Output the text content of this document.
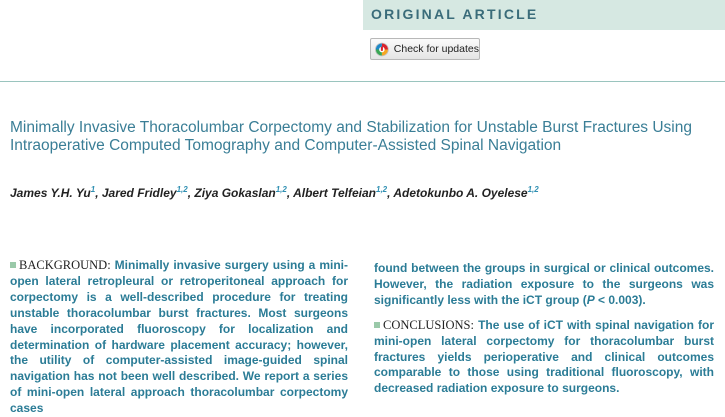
ORIGINAL ARTICLE
Check for updates
Minimally Invasive Thoracolumbar Corpectomy and Stabilization for Unstable Burst Fractures Using Intraoperative Computed Tomography and Computer-Assisted Spinal Navigation
James Y.H. Yu$^1$, Jared Fridley$^{1,2}$, Ziya Gokaslan$^{1,2}$, Albert Telfeian$^{1,2}$, Adetokunbo A. Oyelese$^{1,2}$

BACKGROUND: Minimally invasive surgery using a mini-open lateral retropleural or retroperitoneal approach for corpectomy is a well-described procedure for treating unstable thoracolumbar burst fractures. Most surgeons have incorporated fluoroscopy for localization and determination of hardware placement accuracy; however, the utility of computer-assisted image-guided spinal navigation has not been well described. We report a series of mini-open lateral approach thoracolumbar corpectomy cases

found between the groups in surgical or clinical outcomes. However, the radiation exposure to the surgeons was significantly less with the iCT group (P < 0.003).

CONCLUSIONS: The use of iCT with spinal navigation for mini-open lateral corpectomy for thoracolumbar burst fractures yields perioperative and clinical outcomes comparable to those using traditional fluoroscopy, with decreased radiation exposure to surgeons.
